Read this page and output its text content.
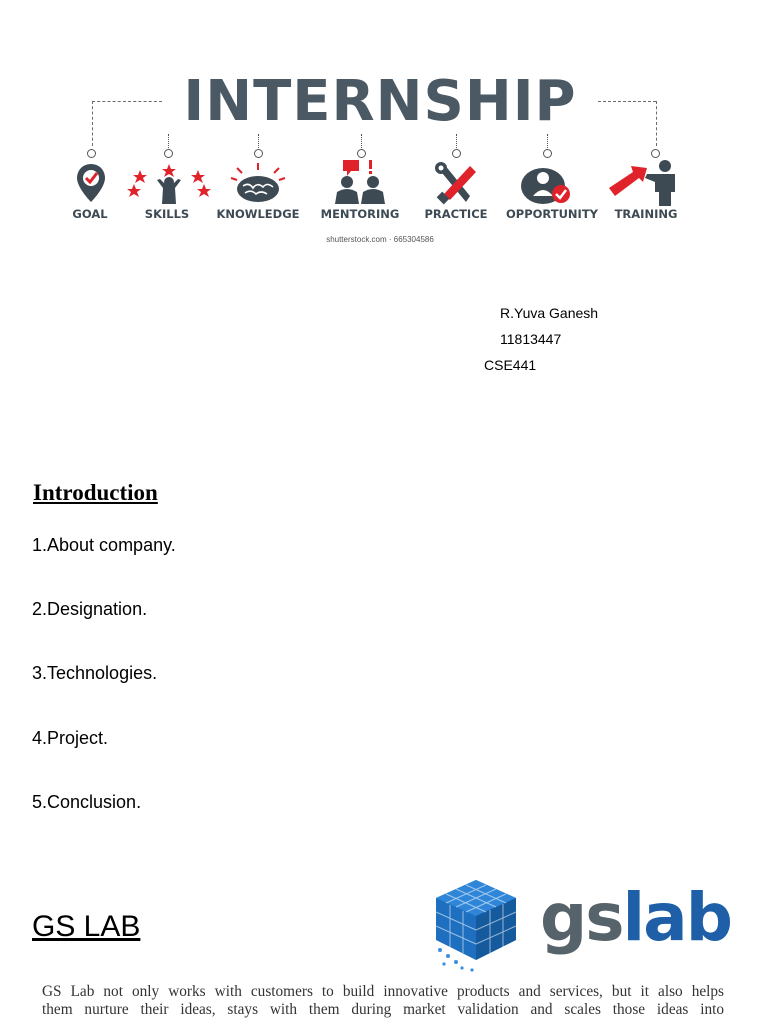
INTERNSHIP
GOAL	SKILLS	KNOWLEDGE	MENTORING	PRACTICE	OPPORTUNITY	TRAINING
shutterstock.com · 665304586
R.Yuva Ganesh
11813447
CSE441
Introduction
1.About company.
2.Designation.
3.Technologies.
4.Project.
5.Conclusion.
GS LAB	gslab
GS Lab not only works with customers to build innovative products and services, but it also helps
them nurture their ideas, stays with them during market validation and scales those ideas into
